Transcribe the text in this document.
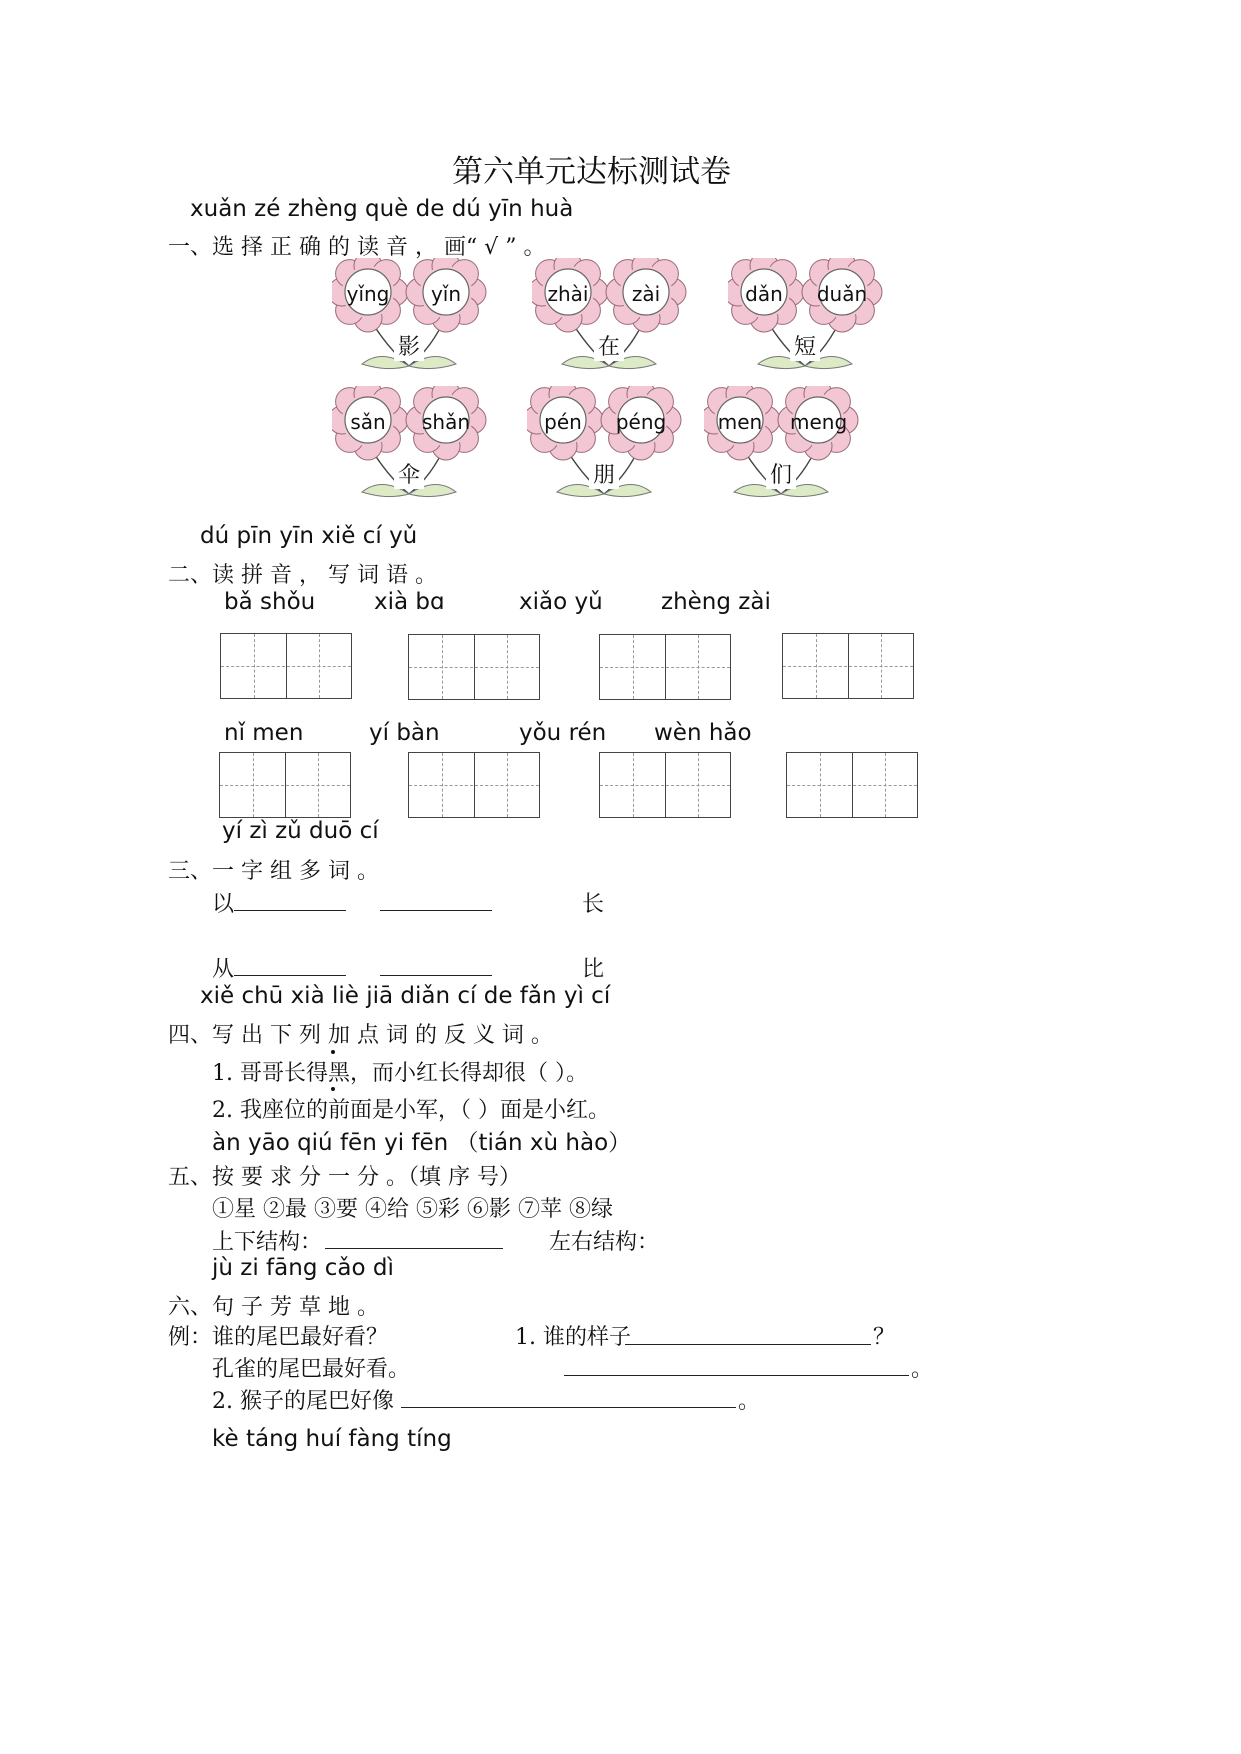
第六单元达标测试卷
xuǎn zé zhèng què de dú yīn huà
一、选 择 正 确 的 读 音 ， 画“ √ ” 。
yǐng	yǐn
影
zhài	zài
在
dǎn	duǎn
短
sǎn	shǎn
伞
pén	péng
朋
men meng
们
dú pīn yīn xiě cí yǔ
二、读 拼 音 ， 写 词 语 。
bǎ shǒu	xià bɑ	xiǎo yǔ	zhèng zài
nǐ men	yí bàn	yǒu rén wèn hǎo
yí zì zǔ duō cí
三、一 字 组 多 词 。
以	长
从	比
xiě chū xià liè jiā diǎn cí de fǎn yì cí
四、写 出 下 列 加 点 词 的 反 义 词 。
1. 哥哥长得黑，而小红长得却很（ ）。
2. 我座位的前面是小军，（ ）面是小红。
àn yāo qiú fēn yi fēn （tián xù hào）
五、按 要 求 分 一 分 。（填 序 号）
①星 ②最 ③要 ④给 ⑤彩 ⑥影 ⑦苹 ⑧绿
上下结构：	左右结构：
jù zi fāng cǎo dì
六、句 子 芳 草 地 。
例：谁的尾巴最好看？	1. 谁的样子	？
孔雀的尾巴最好看。	。
2. 猴子的尾巴好像	。
kè táng huí fàng tíng
